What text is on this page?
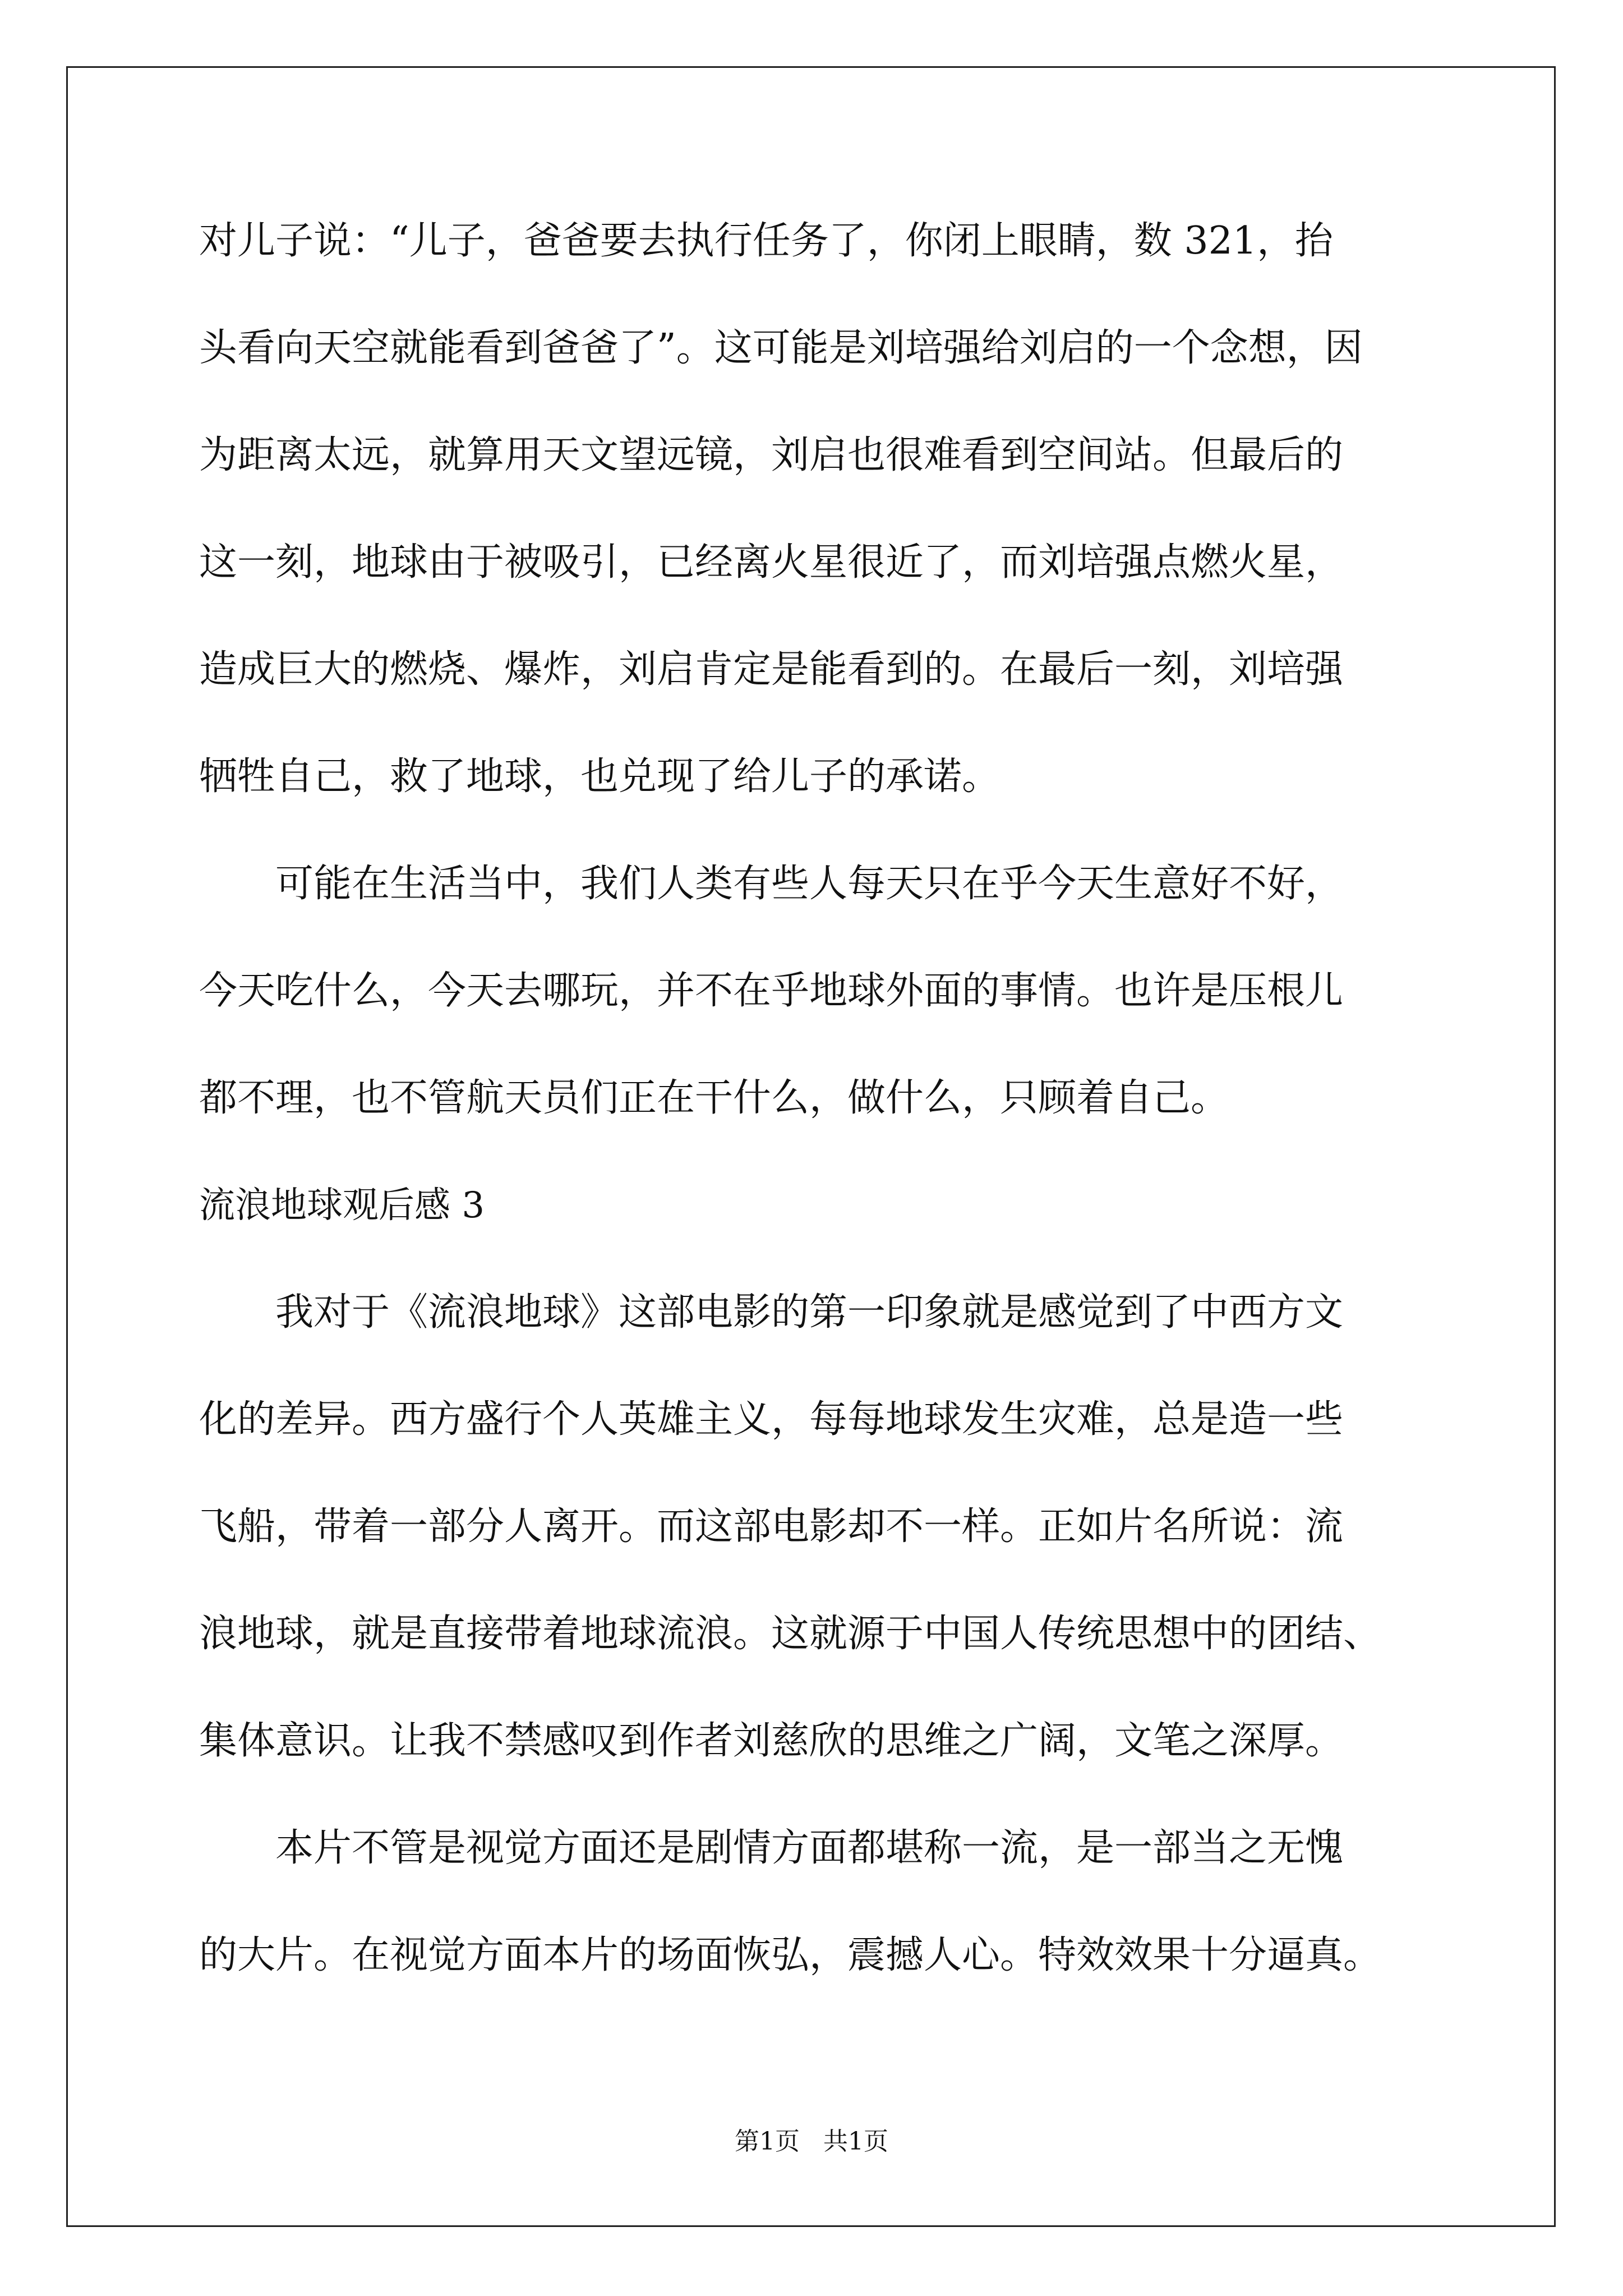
对儿子说：“儿子，爸爸要去执行任务了，你闭上眼睛，数 321，抬
头看向天空就能看到爸爸了”。这可能是刘培强给刘启的一个念想，因
为距离太远，就算用天文望远镜，刘启也很难看到空间站。但最后的
这一刻，地球由于被吸引，已经离火星很近了，而刘培强点燃火星，
造成巨大的燃烧、爆炸，刘启肯定是能看到的。在最后一刻，刘培强
牺牲自己，救了地球，也兑现了给儿子的承诺。
可能在生活当中，我们人类有些人每天只在乎今天生意好不好，
今天吃什么，今天去哪玩，并不在乎地球外面的事情。也许是压根儿
都不理，也不管航天员们正在干什么，做什么，只顾着自己。
流浪地球观后感 3
我对于《流浪地球》这部电影的第一印象就是感觉到了中西方文
化的差异。西方盛行个人英雄主义，每每地球发生灾难，总是造一些
飞船，带着一部分人离开。而这部电影却不一样。正如片名所说：流
浪地球，就是直接带着地球流浪。这就源于中国人传统思想中的团结、
集体意识。让我不禁感叹到作者刘慈欣的思维之广阔，文笔之深厚。
本片不管是视觉方面还是剧情方面都堪称一流，是一部当之无愧
的大片。在视觉方面本片的场面恢弘，震撼人心。特效效果十分逼真。
第1页   共1页
